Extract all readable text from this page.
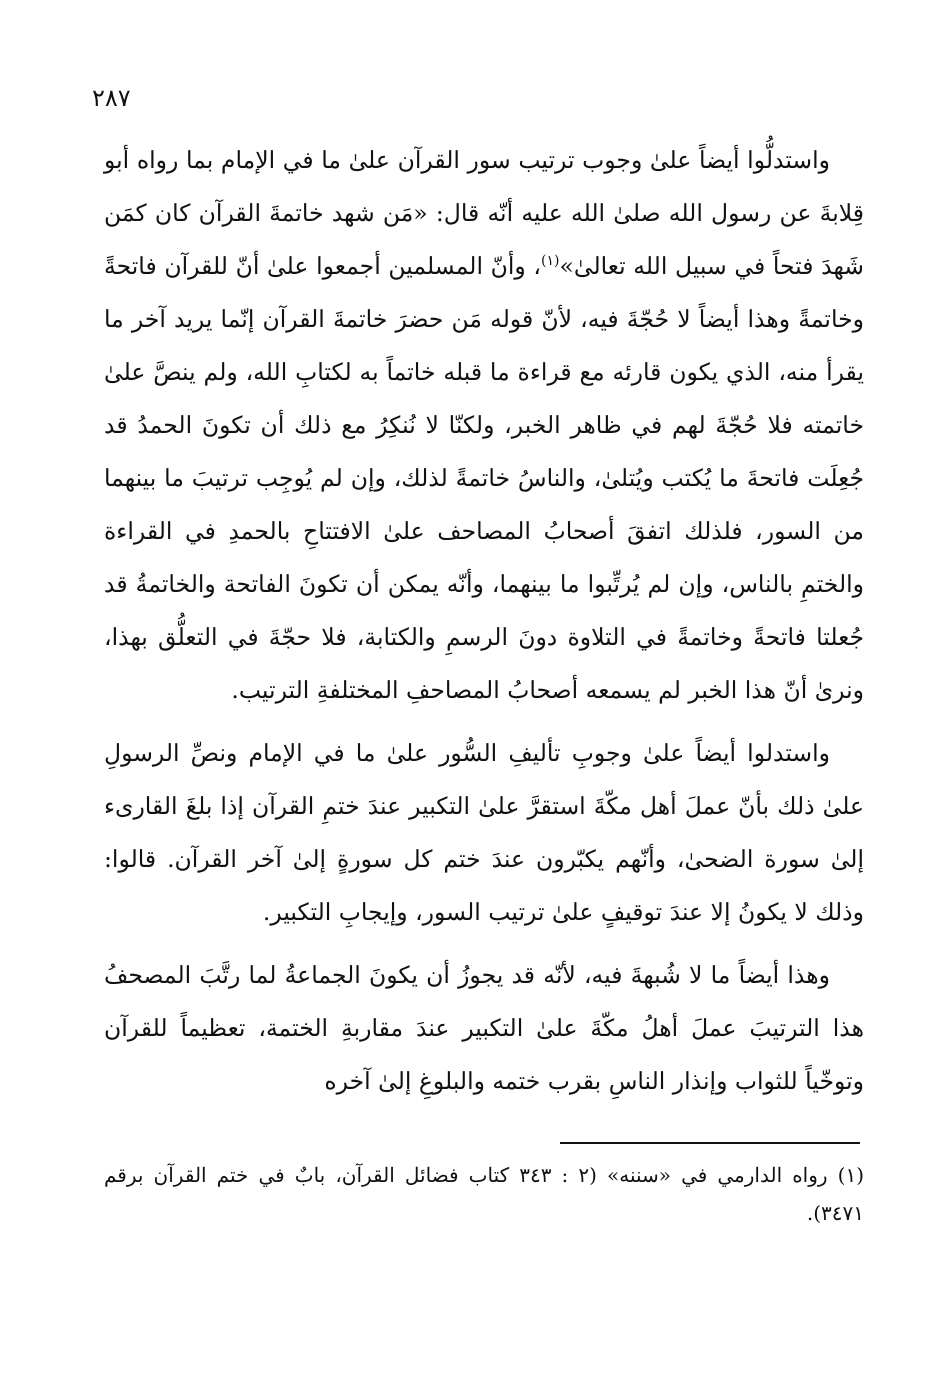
٢٨٧

واستدلُّوا أيضاً علىٰ وجوب ترتيب سور القرآن علىٰ ما في الإمام بما رواه أبو قِلابةَ عن رسول الله صلىٰ الله عليه أنّه قال: «مَن شهد خاتمةَ القرآن كان كمَن شَهدَ فتحاً في سبيل الله تعالىٰ»$^{(١)}$، وأنّ المسلمين أجمعوا علىٰ أنّ للقرآن فاتحةً وخاتمةً وهذا أيضاً لا حُجّةَ فيه، لأنّ قوله مَن حضرَ خاتمةَ القرآن إنّما يريد آخر ما يقرأ منه، الذي يكون قارئه مع قراءة ما قبله خاتماً به لكتابِ الله، ولم ينصَّ علىٰ خاتمته فلا حُجّةَ لهم في ظاهر الخبر، ولكنّا لا نُنكِرُ مع ذلك أن تكونَ الحمدُ قد جُعِلَت فاتحةَ ما يُكتب ويُتلىٰ، والناسُ خاتمةً لذلك، وإن لم يُوجِب ترتيبَ ما بينهما من السور، فلذلك اتفقَ أصحابُ المصاحف علىٰ الافتتاحِ بالحمدِ في القراءة والختمِ بالناس، وإن لم يُرتِّبوا ما بينهما، وأنّه يمكن أن تكونَ الفاتحة والخاتمةُ قد جُعلتا فاتحةً وخاتمةً في التلاوة دونَ الرسمِ والكتابة، فلا حجّةَ في التعلُّق بهذا، ونرىٰ أنّ هذا الخبر لم يسمعه أصحابُ المصاحفِ المختلفةِ الترتيب.

واستدلوا أيضاً علىٰ وجوبِ تأليفِ السُّور علىٰ ما في الإمام ونصِّ الرسولِ علىٰ ذلك بأنّ عملَ أهل مكّةَ استقرَّ علىٰ التكبير عندَ ختمِ القرآن إذا بلغَ القارىء إلىٰ سورة الضحىٰ، وأنّهم يكبّرون عندَ ختم كل سورةٍ إلىٰ آخر القرآن. قالوا: وذلك لا يكونُ إلا عندَ توقيفٍ علىٰ ترتيب السور، وإيجابِ التكبير.

وهذا أيضاً ما لا شُبهةَ فيه، لأنّه قد يجوزُ أن يكونَ الجماعةُ لما رتَّبَ المصحفُ هذا الترتيبَ عملَ أهلُ مكّةَ علىٰ التكبير عندَ مقاربةِ الختمة، تعظيماً للقرآن وتوخّياً للثواب وإنذار الناسِ بقرب ختمه والبلوغِ إلىٰ آخره

(١) رواه الدارمي في «سننه» (٢ : ٣٤٣ كتاب فضائل القرآن، بابٌ في ختم القرآن برقم ٣٤٧١).
